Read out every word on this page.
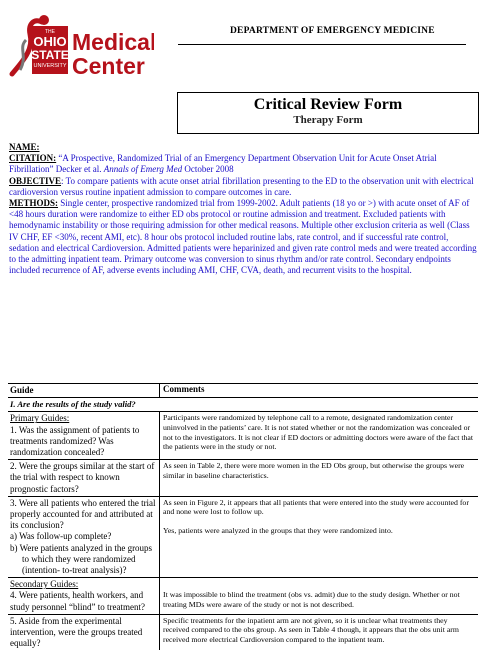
THE
OHIO
STATE
UNIVERSITY
Medical
Center
DEPARTMENT OF EMERGENCY MEDICINE
Critical Review Form
Therapy Form

NAME:

CITATION: “A Prospective, Randomized Trial of an Emergency Department Observation Unit for Acute Onset Atrial Fibrillation” Decker et al. Annals of Emerg Med October 2008

OBJECTIVE: To compare patients with acute onset atrial fibrillation presenting to the ED to the observation unit with electrical cardioversion versus routine inpatient admission to compare outcomes in care.

METHODS: Single center, prospective randomized trial from 1999-2002. Adult patients (18 yo or >) with acute onset of AF of <48 hours duration were randomize to either ED obs protocol or routine admission and treatment. Excluded patients with hemodynamic instability or those requiring admission for other medical reasons. Multiple other exclusion criteria as well (Class IV CHF, EF <30%, recent AMI, etc). 8 hour obs protocol included routine labs, rate control, and if successful rate control, sedation and electrical Cardioversion. Admitted patients were heparinized and given rate control meds and were treated according to the admitting inpatient team. Primary outcome was conversion to sinus rhythm and/or rate control. Secondary endpoints included recurrence of AF, adverse events including AMI, CHF, CVA, death, and recurrent visits to the hospital.

Guide	Comments
I. Are the results of the study valid?
Primary Guides:
1. Was the assignment of patients to treatments randomized? Was randomization concealed?
Participants were randomized by telephone call to a remote, designated randomization center uninvolved in the patients’ care. It is not stated whether or not the randomization was concealed or not to the investigators. It is not clear if ED doctors or admitting doctors were aware of the fact that the patients were in the study or not.
2. Were the groups similar at the start of the trial with respect to known prognostic factors?
As seen in Table 2, there were more women in the ED Obs group, but otherwise the groups were similar in baseline characteristics.
3. Were all patients who entered the trial properly accounted for and attributed at its conclusion?
a) Was follow-up complete?
b) Were patients analyzed in the groups to which they were randomized (intention- to-treat analysis)?
As seen in Figure 2, it appears that all patients that were entered into the study were accounted for and none were lost to follow up.
Yes, patients were analyzed in the groups that they were randomized into.
Secondary Guides:
4. Were patients, health workers, and study personnel “blind” to treatment?
It was impossible to blind the treatment (obs vs. admit) due to the study design. Whether or not treating MDs were aware of the study or not is not described.
5. Aside from the experimental intervention, were the groups treated equally?
Specific treatments for the inpatient arm are not given, so it is unclear what treatments they received compared to the obs group. As seen in Table 4 though, it appears that the obs unit arm received more electrical Cardioversion compared to the inpatient team.
